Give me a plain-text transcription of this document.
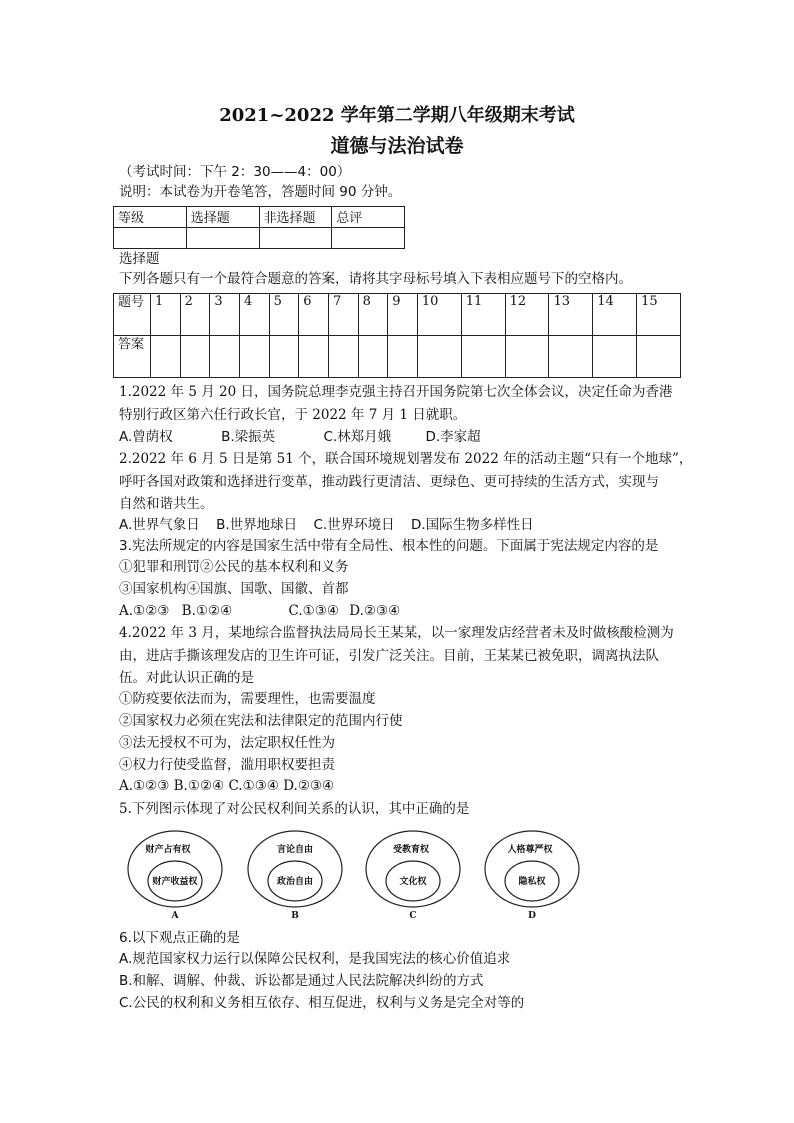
2021~2022 学年第二学期八年级期末考试
道德与法治试卷
（考试时间：下午 2：30——4：00）
说明：本试卷为开卷笔答，答题时间 90 分钟。
等级	选择题	非选择题	总评

选择题
下列各题只有一个最符合题意的答案，请将其字母标号填入下表相应题号下的空格内。
题号	1	2	3	4	5	6	7	8	9	10	11	12	13	14	15
答案															
1.2022 年 5 月 20 日，国务院总理李克强主持召开国务院第七次全体会议，决定任命为香港
特别行政区第六任行政长官，于 2022 年 7 月 1 日就职。
A.曾荫权	B.梁振英	C.林郑月娥	D.李家超
2.2022 年 6 月 5 日是第 51 个，联合国环境规划署发布 2022 年的活动主题“只有一个地球”，
呼吁各国对政策和选择进行变革，推动践行更清洁、更绿色、更可持续的生活方式，实现与
自然和谐共生。
A.世界气象日 B.世界地球日 C.世界环境日 D.国际生物多样性日
3.宪法所规定的内容是国家生活中带有全局性、根本性的问题。下面属于宪法规定内容的是
①犯罪和刑罚②公民的基本权利和义务
③国家机构④国旗、国歌、国徽、首都
A.①②③ B.①②④	C.①③④ D.②③④
4.2022 年 3 月，某地综合监督执法局局长王某某，以一家理发店经营者未及时做核酸检测为
由，进店手撕该理发店的卫生许可证，引发广泛关注。目前，王某某已被免职，调离执法队
伍。对此认识正确的是
①防疫要依法而为，需要理性，也需要温度
②国家权力必须在宪法和法律限定的范围内行使
③法无授权不可为，法定职权任性为
④权力行使受监督，滥用职权要担责
A.①②③ B.①②④ C.①③④ D.②③④
5.下列图示体现了对公民权利间关系的认识，其中正确的是
财产占有权
财产收益权
A
言论自由
政治自由
B
受教育权
文化权
C
人格尊严权
隐私权
D
6.以下观点正确的是
A.规范国家权力运行以保障公民权利，是我国宪法的核心价值追求
B.和解、调解、仲裁、诉讼都是通过人民法院解决纠纷的方式
C.公民的权利和义务相互依存、相互促进，权利与义务是完全对等的
